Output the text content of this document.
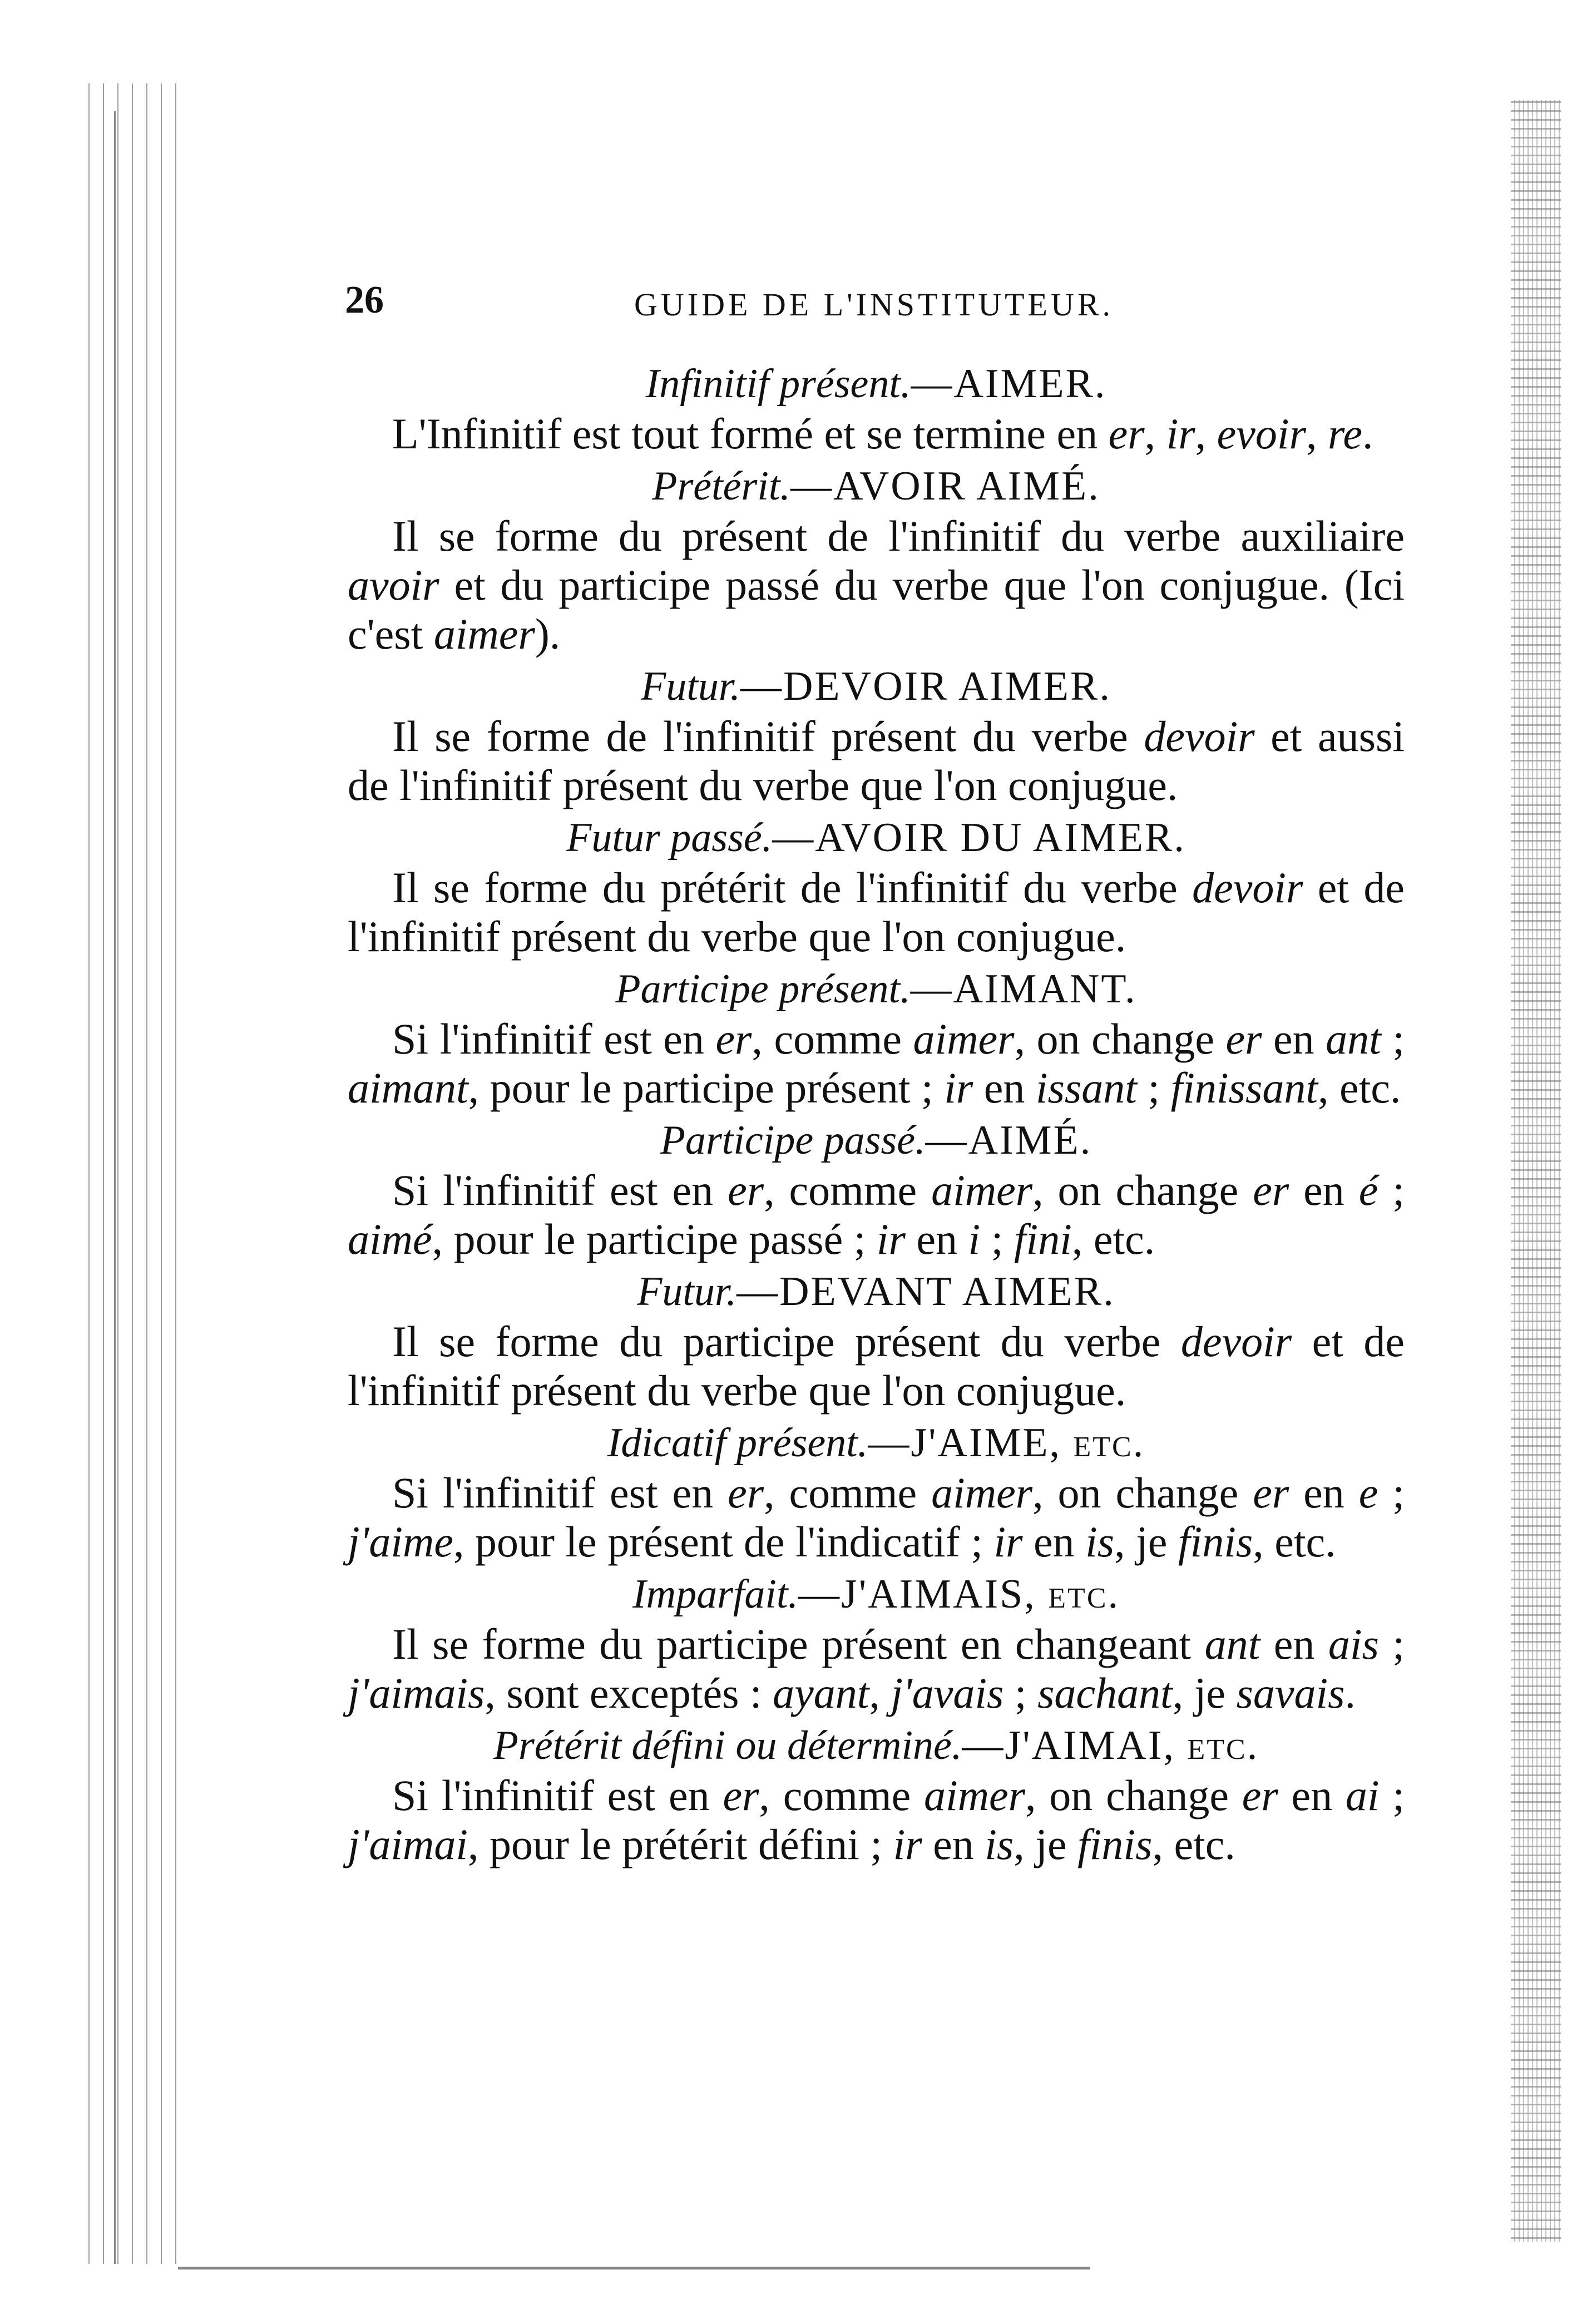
26	GUIDE DE L'INSTITUTEUR.
Infinitif présent.—AIMER.

L'Infinitif est tout formé et se termine en er, ir, evoir, re.

Prétérit.—AVOIR AIMÉ.

Il se forme du présent de l'infinitif du verbe auxiliaire avoir et du participe passé du verbe que l'on conjugue. (Ici c'est aimer).

Futur.—DEVOIR AIMER.

Il se forme de l'infinitif présent du verbe devoir et aussi de l'infinitif présent du verbe que l'on conjugue.

Futur passé.—AVOIR DU AIMER.

Il se forme du prétérit de l'infinitif du verbe devoir et de l'infinitif présent du verbe que l'on conjugue.

Participe présent.—AIMANT.

Si l'infinitif est en er, comme aimer, on change er en ant ; aimant, pour le participe présent ; ir en issant ; finissant, etc.

Participe passé.—AIMÉ.

Si l'infinitif est en er, comme aimer, on change er en é ; aimé, pour le participe passé ; ir en i ; fini, etc.

Futur.—DEVANT AIMER.

Il se forme du participe présent du verbe devoir et de l'infinitif présent du verbe que l'on conjugue.

Idicatif présent.—J'AIME, etc.

Si l'infinitif est en er, comme aimer, on change er en e ; j'aime, pour le présent de l'indicatif ; ir en is, je finis, etc.

Imparfait.—J'AIMAIS, etc.

Il se forme du participe présent en changeant ant en ais ; j'aimais, sont exceptés : ayant, j'avais ; sachant, je savais.

Prétérit défini ou déterminé.—J'AIMAI, etc.

Si l'infinitif est en er, comme aimer, on change er en ai ; j'aimai, pour le prétérit défini ; ir en is, je finis, etc.
